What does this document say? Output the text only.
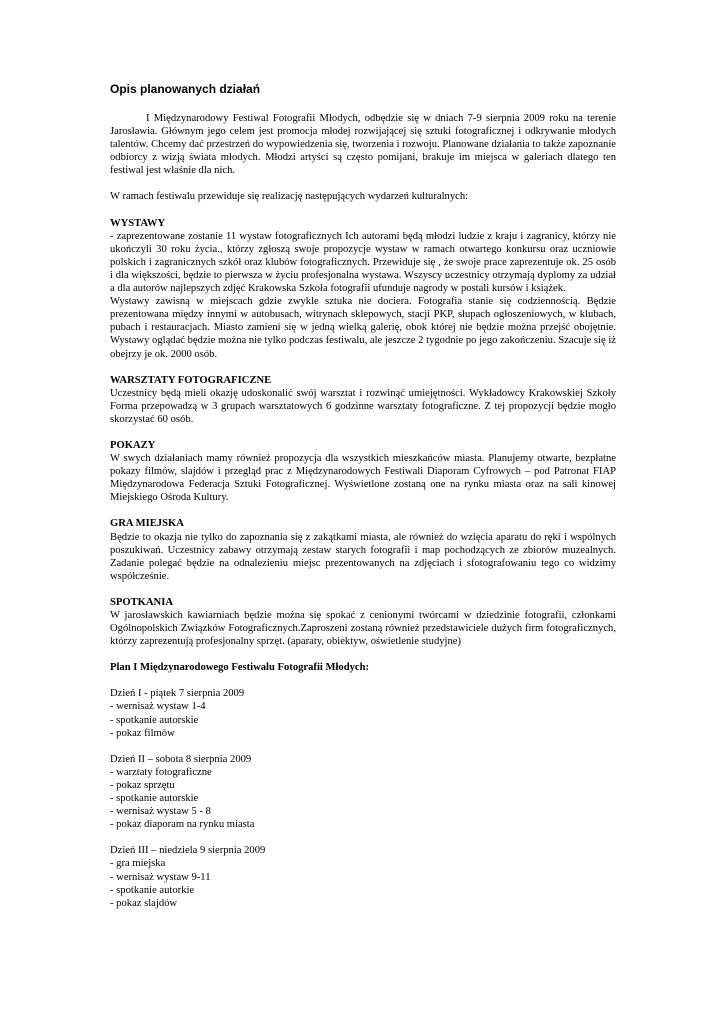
Opis planowanych działań

I Międzynarodowy Festiwal Fotografii Młodych, odbędzie się w dniach 7-9 sierpnia 2009 roku na terenie Jarosławia. Głównym jego celem jest promocja młodej rozwijającej się sztuki fotograficznej i odkrywanie młodych talentów. Chcemy dać przestrzeń do wypowiedzenia się, tworzenia i rozwoju. Planowane działania to także zapoznanie odbiorcy z wizją świata młodych. Młodzi artyści są często pomijani, brakuje im miejsca w galeriach dlatego ten festiwal jest właśnie dla nich.

W ramach festiwalu przewiduje się realizację następujących wydarzeń kulturalnych:

WYSTAWY

- zaprezentowane zostanie 11 wystaw fotograficznych Ich autorami będą młodzi ludzie z kraju i zagranicy, którzy nie ukończyli 30 roku życia., którzy zgłoszą swoje propozycje wystaw w ramach otwartego konkursu oraz uczniowie polskich i zagranicznych szkół oraz klubów fotograficznych. Przewiduje się , że swoje prace zaprezentuje ok. 25 osób i dla większości, będzie to pierwsza w życiu profesjonalna wystawa. Wszyscy uczestnicy otrzymają dyplomy za udział a dla autorów najlepszych zdjęć Krakowska Szkoła fotografii ufunduje nagrody w postali kursów i książek.

Wystawy zawisną w miejscach gdzie zwykle sztuka nie dociera. Fotografia stanie się codziennością. Będzie prezentowana między innymi w autobusach, witrynach sklepowych, stacji PKP, słupach ogłoszeniowych, w klubach, pubach i restauracjach. Miasto zamieni się w jedną wielką galerię, obok której nie będzie można przejść obojętnie. Wystawy oglądać będzie można nie tylko podczas festiwalu, ale jeszcze 2 tygodnie po jego zakończeniu. Szacuje się iż obejrzy je ok. 2000 osób.

WARSZTATY FOTOGRAFICZNE

Uczestnicy będą mieli okazję udoskonalić swój warsztat i rozwinąć umiejętności. Wykładowcy Krakowskiej Szkoły Forma przepowadzą w 3 grupach warsztatowych 6 godzinne warsztaty fotograficzne. Z tej propozycji będzie mogło skorzystać 60 osób.

POKAZY

W swych działaniach mamy również propozycja dla wszystkich mieszkańców miasta. Planujemy otwarte, bezpłatne pokazy filmów, slajdów i przegląd prac z Międzynarodowych Festiwali Diaporam Cyfrowych – pod Patronat FIAP Międzynarodowa Federacja Sztuki Fotograficznej. Wyświetlone zostaną one na rynku miasta oraz na sali kinowej Miejskiego Ośroda Kultury.

GRA MIEJSKA

Będzie to okazja nie tylko do zapoznania się z zakątkami miasta, ale również do wzięcia aparatu do ręki i wspólnych poszukiwań. Uczestnicy zabawy otrzymają zestaw starych fotografii i map pochodzących ze zbiorów muzealnych. Zadanie polegać będzie na odnalezieniu miejsc prezentowanych na zdjęciach i sfotografowaniu tego co widzimy współcześnie.

SPOTKANIA

W jarosławskich kawiarniach będzie można się spokać z cenionymi twórcami w dziedzinie fotografii, członkami Ogólnopolskich Związków Fotograficznych.Zaproszeni zostaną również przedstawiciele dużych firm fotograficznych, którzy zaprezentują profesjonalny sprzęt. (aparaty, obiektyw, oświetlenie studyjne)

Plan I Międzynarodowego Festiwalu Fotografii Młodych:

Dzień I - piątek 7 sierpnia 2009

- wernisaż wystaw 1-4
- spotkanie autorskie
- pokaz filmów

Dzień II – sobota 8 sierpnia 2009

- warztaty fotograficzne
- pokaz sprzętu
- spotkanie autorskie
- wernisaż wystaw 5 - 8
- pokaz diaporam na rynku miasta

Dzień III – niedziela 9 sierpnia 2009

- gra miejska
- wernisaż wystaw 9-11
- spotkanie autorkie
- pokaz slajdów
